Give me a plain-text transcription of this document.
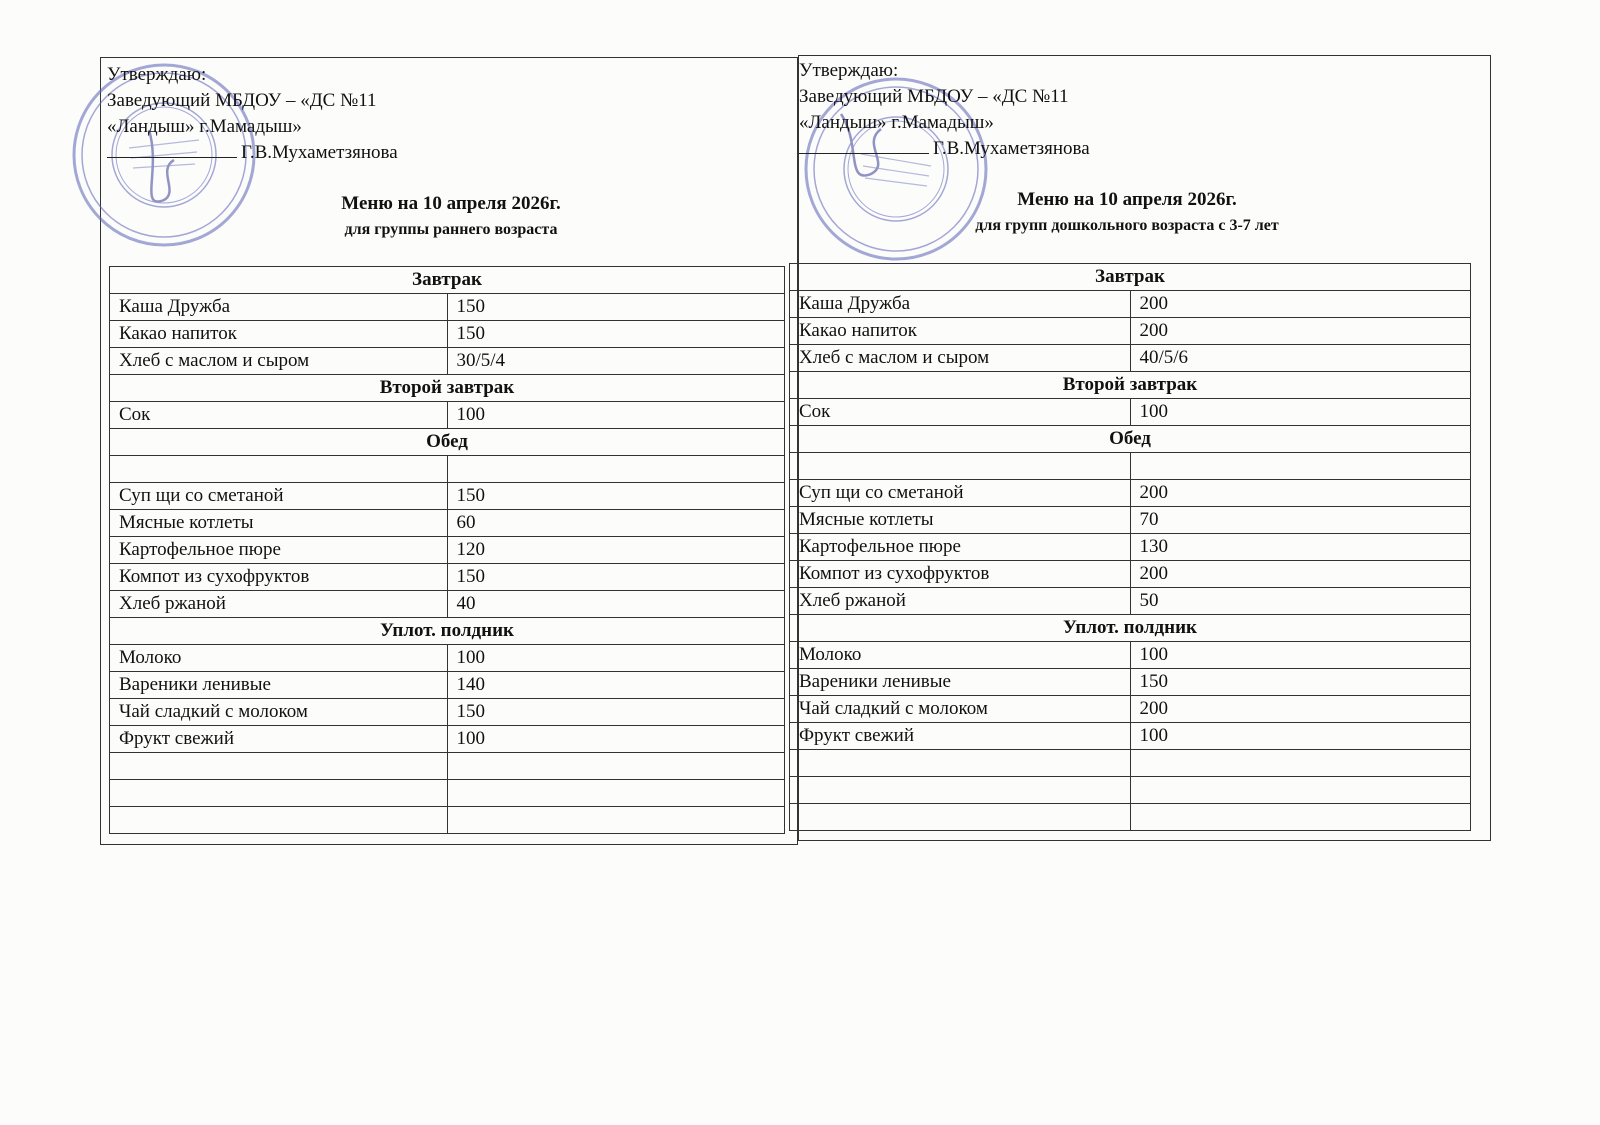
Утверждаю:
Заведующий МБДОУ – «ДС №11
«Ландыш» г.Мамадыш»
Г.В.Мухаметзянова
Меню на 10 апреля 2026г.
для группы раннего возраста
Завтрак	
Каша Дружба	150
Какао напиток	150
Хлеб с маслом и сыром	30/5/4
Второй завтрак	
Сок	100
Обед	

Суп щи со сметаной	150
Мясные котлеты	60
Картофельное пюре	120
Компот из сухофруктов	150
Хлеб ржаной	40
Уплот. полдник	
Молоко	100
Вареники ленивые	140
Чай сладкий с молоком	150
Фрукт свежий	100

Утверждаю:
Заведующий МБДОУ – «ДС №11
«Ландыш» г.Мамадыш»
Г.В.Мухаметзянова
Меню на 10 апреля 2026г.
для групп дошкольного возраста с 3-7 лет
Завтрак	
Каша Дружба	200
Какао напиток	200
Хлеб с маслом и сыром	40/5/6
Второй завтрак	
Сок	100
Обед	

Суп щи со сметаной	200
Мясные котлеты	70
Картофельное пюре	130
Компот из сухофруктов	200
Хлеб ржаной	50
Уплот. полдник	
Молоко	100
Вареники ленивые	150
Чай сладкий с молоком	200
Фрукт свежий	100
